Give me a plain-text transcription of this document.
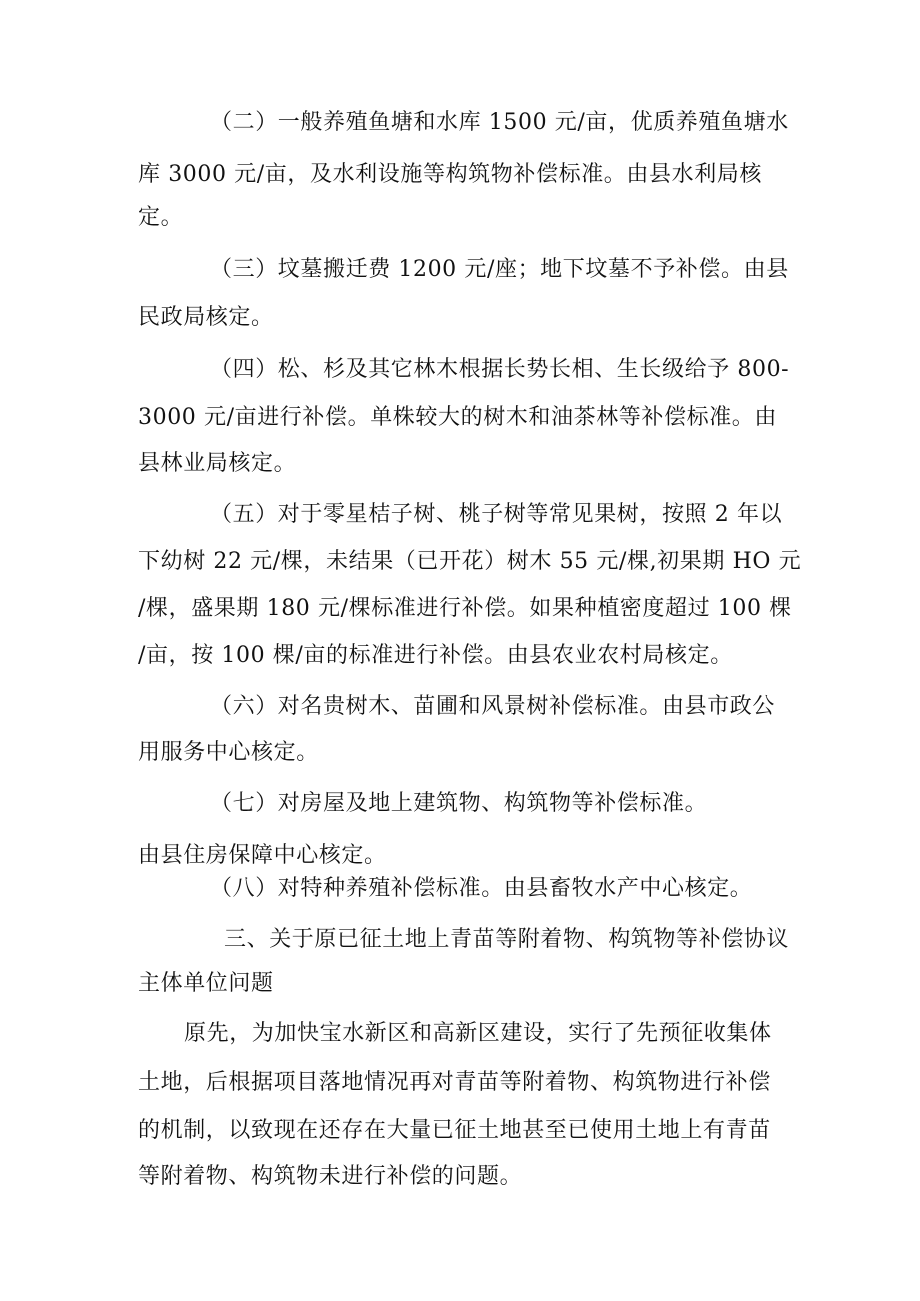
（二）一般养殖鱼塘和水库 1500 元/亩，优质养殖鱼塘水

库 3000 元/亩，及水利设施等构筑物补偿标准。由县水利局核

定。

（三）坟墓搬迁费 1200 元/座；地下坟墓不予补偿。由县

民政局核定。

（四）松、杉及其它林木根据长势长相、生长级给予 800-

3000 元/亩进行补偿。单株较大的树木和油茶林等补偿标准。由

县林业局核定。

（五）对于零星桔子树、桃子树等常见果树，按照 2 年以

下幼树 22 元/棵，未结果（已开花）树木 55 元/棵,初果期 HO 元

/棵，盛果期 180 元/棵标准进行补偿。如果种植密度超过 100 棵

/亩，按 100 棵/亩的标准进行补偿。由县农业农村局核定。

（六）对名贵树木、苗圃和风景树补偿标准。由县市政公

用服务中心核定。

（七）对房屋及地上建筑物、构筑物等补偿标准。

由县住房保障中心核定。

（八）对特种养殖补偿标准。由县畜牧水产中心核定。

三、关于原已征土地上青苗等附着物、构筑物等补偿协议

主体单位问题

原先，为加快宝水新区和高新区建设，实行了先预征收集体

土地，后根据项目落地情况再对青苗等附着物、构筑物进行补偿

的机制，以致现在还存在大量已征土地甚至已使用土地上有青苗

等附着物、构筑物未进行补偿的问题。
